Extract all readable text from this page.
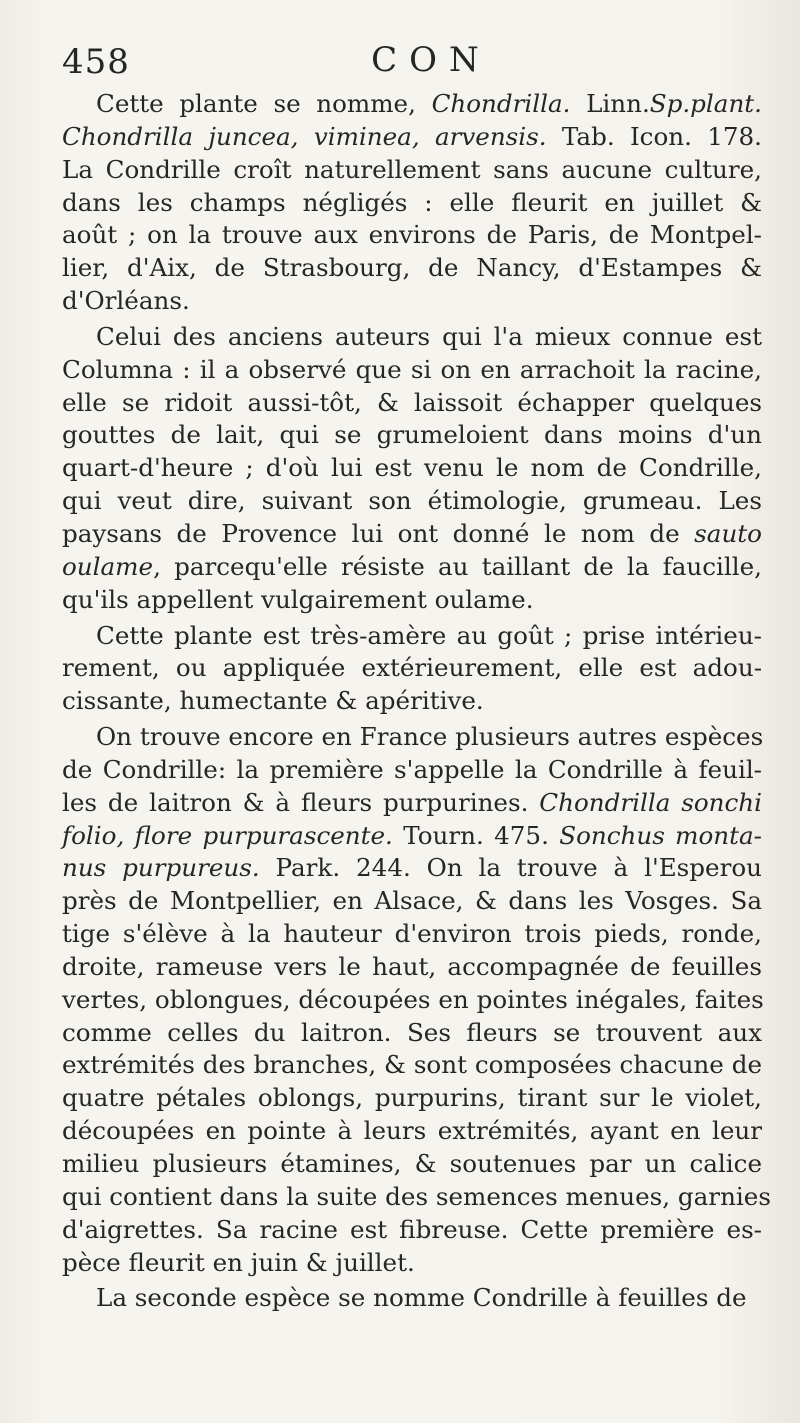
458	CON
Cette plante se nomme, Chondrilla. Linn.Sp.plant.
Chondrilla juncea, viminea, arvensis. Tab. Icon. 178.
La Condrille croît naturellement sans aucune culture,
dans les champs négligés : elle fleurit en juillet &
août ; on la trouve aux environs de Paris, de Montpel-
lier, d'Aix, de Strasbourg, de Nancy, d'Estampes &
d'Orléans.
Celui des anciens auteurs qui l'a mieux connue est
Columna : il a observé que si on en arrachoit la racine,
elle se ridoit aussi-tôt, & laissoit échapper quelques
gouttes de lait, qui se grumeloient dans moins d'un
quart-d'heure ; d'où lui est venu le nom de Condrille,
qui veut dire, suivant son étimologie, grumeau. Les
paysans de Provence lui ont donné le nom de sauto
oulame, parcequ'elle résiste au taillant de la faucille,
qu'ils appellent vulgairement oulame.
Cette plante est très-amère au goût ; prise intérieu-
rement, ou appliquée extérieurement, elle est adou-
cissante, humectante & apéritive.
On trouve encore en France plusieurs autres espèces
de Condrille: la première s'appelle la Condrille à feuil-
les de laitron & à fleurs purpurines. Chondrilla sonchi
folio, flore purpurascente. Tourn. 475. Sonchus monta-
nus purpureus. Park. 244. On la trouve à l'Esperou
près de Montpellier, en Alsace, & dans les Vosges. Sa
tige s'élève à la hauteur d'environ trois pieds, ronde,
droite, rameuse vers le haut, accompagnée de feuilles
vertes, oblongues, découpées en pointes inégales, faites
comme celles du laitron. Ses fleurs se trouvent aux
extrémités des branches, & sont composées chacune de
quatre pétales oblongs, purpurins, tirant sur le violet,
découpées en pointe à leurs extrémités, ayant en leur
milieu plusieurs étamines, & soutenues par un calice
qui contient dans la suite des semences menues, garnies
d'aigrettes. Sa racine est fibreuse. Cette première es-
pèce fleurit en juin & juillet.
La seconde espèce se nomme Condrille à feuilles de
